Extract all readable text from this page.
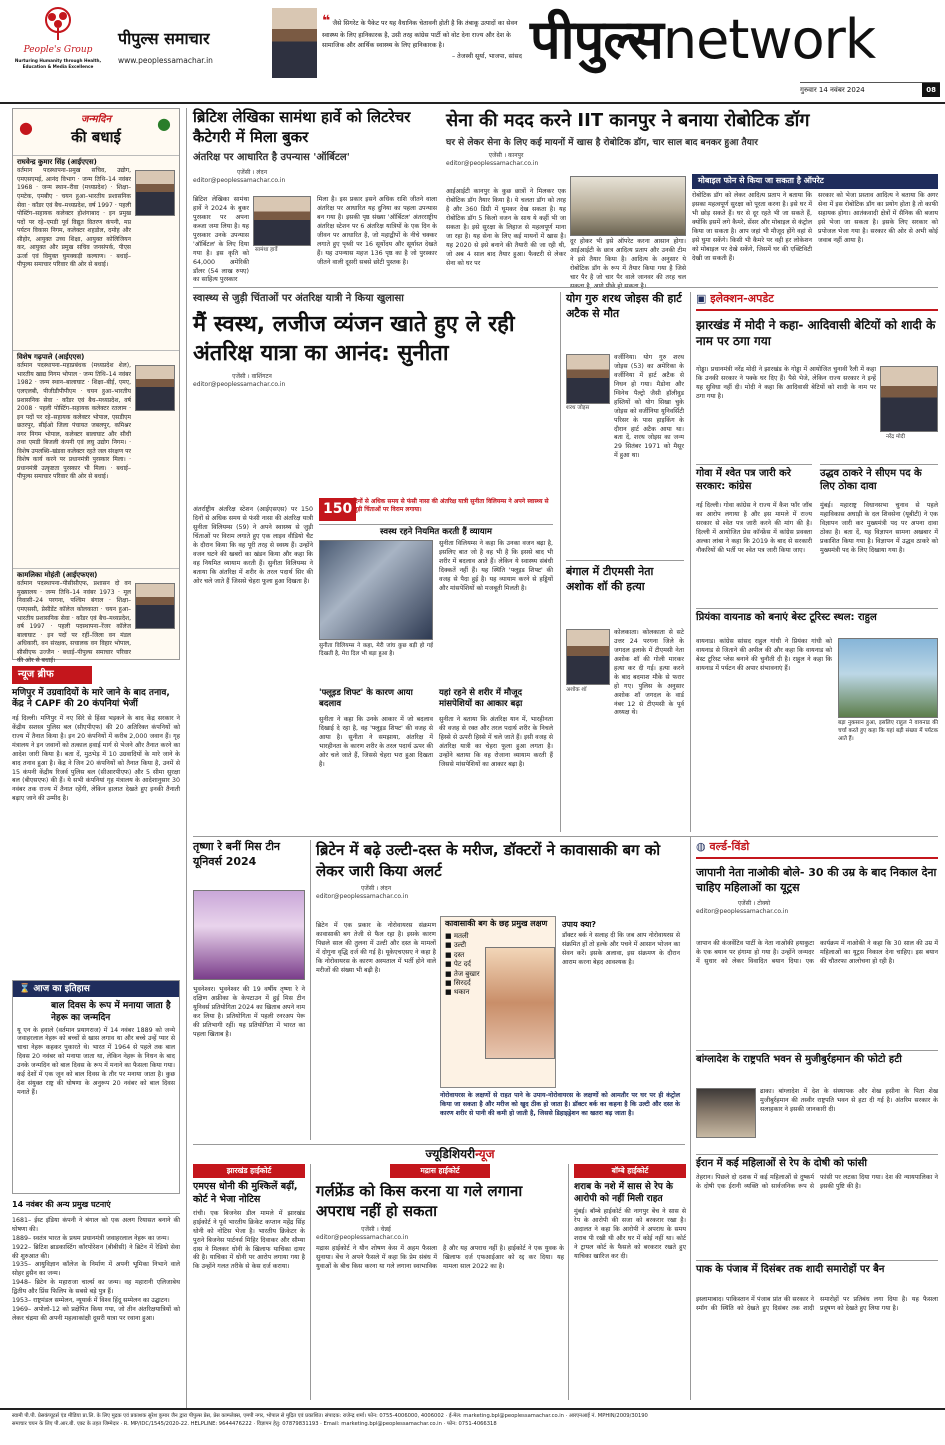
People's Group
Nurturing Humanity through Health, Education & Media Excellence
पीपुल्स समाचार
www.peoplessamachar.in
❝ जैसे सिगरेट के पैकेट पर यह वैधानिक चेतावनी होती है कि तंबाकू उत्पादों का सेवन स्वास्थ्य के लिए हानिकारक है, उसी तरह कांग्रेस पार्टी को वोट देना राज्य और देश के सामाजिक और आर्थिक स्वास्थ्य के लिए हानिकारक है।
– तेजस्वी सूर्या, भाजपा, सांसद पीपुल्सnetwork
गुरुवार 14 नवंबर 2024	08
जन्मदिन
की बधाई
●	●
राघवेन्द्र कुमार सिंह (आईएएस)
वर्तमान पदस्थापना–प्रमुख सचिव, उद्योग, एमएसएमई, आनंद विभाग · जन्म तिथि–14 नवंबर 1968 · जन्म स्थान–रीवा (मध्यप्रदेश) · शिक्षा–एमटेक, एमबीए · चयन हुआ–भारतीय प्रशासनिक सेवा · कॉडर एवं बैच–मध्यप्रदेश, वर्ष 1997 · पहली पोस्टिंग–सहायक कलेक्टर होशंगाबाद · इन प्रमुख पदों पर रहे–एमडी पूर्व विद्युत वितरण कंपनी, मप्र पर्यटन विकास निगम, कलेक्टर शहडोल, दमोह और सीहोर, आयुक्त उच्च शिक्षा, आयुक्त कोलिजियन कर, आयुक्त और प्रमुख सचिव जनसंपर्क, पीएस ऊर्जा एवं विमुक्त घुमक्कड़ी कल्याण। · बधाई–पीपुल्स समाचार परिवार की ओर से बधाई।
विशेष गढ़पाले (आईएएस)
वर्तमान पदस्थापना–महाप्रबंधक (मध्यप्रदेश शेल), भारतीय खाद्य निगम भोपाल · जन्म तिथि–14 नवंबर 1982 · जन्म स्थान–बालाघाट · शिक्षा–बीई, एमए, एलएलबी, पीजीडीपीपीएम · चयन हुआ–भारतीय प्रशासनिक सेवा · कॉडर एवं बैच–मध्यप्रदेश, वर्ष 2008 · पहली पोस्टिंग–सहायक कलेक्टर रतलाम · इन पदों पर रहे–सहायक कलेक्टर भोपाल, एसडीएम छतरपुर, सीईओ जिला पंचायत जबलपुर, कमिश्नर नगर निगम भोपाल, कलेक्टर बालाघाट और सीधी तथा एमडी बिजली कंपनी एवं लघु उद्योग निगम। · विशेष उपलब्धि–खंडवा कलेक्टर रहते जल संरक्षण पर विशेष कार्य करने पर प्रधानमंत्री पुरस्कार मिला। · प्रधानमंत्री उत्कृष्टता पुरस्कार भी मिला। · बधाई–पीपुल्स समाचार परिवार की ओर से बधाई।
कामलिका मोहंती (आईएफएस)
वर्तमान पदस्थापना–पीसीसीएफ, प्रशासन दो वन मुख्यालय · जन्म तिथि–14 नवंबर 1973 · मूल निवासी–24 परगना, पश्चिम बंगाल · शिक्षा–एमएससी, प्रेसीडेंट कॉलेज कोलकाता · चयन हुआ–भारतीय प्रशासनिक सेवा · कॉडर एवं बैच–मध्यप्रदेश, वर्ष 1997 · पहली पदस्थापना–रेंजर कॉलेज बालाघाट · इन पदों पर रहीं–जिला वन मंडल अधिकारी, वन संरक्षक, सचालक वन विहार भोपाल, सीसीएफ उज्जैन · बधाई–पीपुल्स समाचार परिवार की ओर से बधाई।
न्यूज ब्रीफ
मणिपुर में उग्रवादियों के मारे जाने के बाद तनाव, केंद्र ने CAPF की 20 कंपनियां भेजीं
नई दिल्ली। मणिपुर में नए सिरे से हिंसा भड़कने के बाद केंद्र सरकार ने केंद्रीय सशस्त्र पुलिस बल (सीएपीएफ) की 20 अतिरिक्त कंपनियों को राज्य में तैनात किया है। इन 20 कंपनियों में करीब 2,000 जवान हैं। गृह मंत्रालय ने इन जवानों को तत्काल हवाई मार्ग से भेजने और तैनात करने का आदेश जारी किया है। बता दें, मुठभेड़ में 10 उग्रवादियों के मारे जाने के बाद तनाव हुआ है। केंद्र ने जिन 20 कंपनियों को तैनात किया है, उनमें से 15 कंपनी केंद्रीय रिजर्व पुलिस बल (सीआरपीएफ) और 5 सीमा सुरक्षा बल (बीएसएफ) की हैं। ये सभी कंपनियां गृह मंत्रालय के आदेशानुसार 30 नवंबर तक राज्य में तैनात रहेंगी, लेकिन हालात देखते हुए इनकी तैनाती बढ़ाए जाने की उम्मीद है।
⌛ आज का इतिहास
बाल दिवस के रूप में मनाया जाता है नेहरू का जन्मदिन
यू एन के हवाले (वर्तमान प्रयागराज) में 14 नवंबर 1889 को जन्मे जवाहरलाल नेहरू को बच्चों से खास लगाव था और बच्चे उन्हें प्यार से चाचा नेहरू कहकर पुकारते थे। भारत में 1964 से पहले तक बाल दिवस 20 नवंबर को मनाया जाता था, लेकिन नेहरू के निधन के बाद उनके जन्मदिन को बाल दिवस के रूप में मनाने का फैसला किया गया। कई देशों में एक जून को बाल दिवस के तौर पर मनाया जाता है। कुछ देश संयुक्त राष्ट्र की घोषणा के अनुरूप 20 नवंबर को बाल दिवस मनाते हैं।
14 नवंबर की अन्य प्रमुख घटनाएं
1681– ईस्ट इंडिया कंपनी ने बंगाल को एक अलग रियासत बनाने की घोषणा की।
1889– स्वतंत्र भारत के प्रथम प्रधानमंत्री जवाहरलाल नेहरू का जन्म।
1922– ब्रिटिश ब्राडकास्टिंग कॉरपोरेशन (बीबीसी) ने ब्रिटेन में रेडियो सेवा की शुरुआत की।
1935– आयुविज्ञान कॉलेज के निर्माण में अपनी भूमिका निभाने वाले सोहर हुसैन का जन्म।
1948– ब्रिटेन के महाराजा चार्ल्स का जन्म। वह महारानी एलिजाबेथ द्वितीय और प्रिंस फिलिप के सबसे बड़े पुत्र हैं।
1953– राष्ट्रमंडल सम्मेलन, न्यूयार्क में विश्व हिंदू सम्मेलन का उद्घाटन।
1969– अपोलो-12 को प्रक्षेपित किया गया, जो तीन अंतरिक्षयात्रियों को लेकर चंद्रमा की अपनी महत्वाकांक्षी दूसरी यात्रा पर रवाना हुआ।
ब्रिटिश लेखिका सामंथा हार्वे को लिटरेचर कैटेगरी में मिला बुकर
अंतरिक्ष पर आधारित है उपन्यास 'ऑर्बिटल'
एजेंसी । लंदन
editor@peoplessamachar.co.in
सामंथा हार्वे
ब्रिटिश लेखिका सामंथा हार्वे ने 2024 के बुकर पुरस्कार पर अपना कब्जा जमा लिया है। यह पुरस्कार उनके उपन्यास 'ऑर्बिटल' के लिए दिया गया है। इस कृति को 64,000 अमेरिकी डॉलर (54 लाख रुपए) का साहित्य पुरस्कार
मिला है। इस प्रकार इसने अधिक राशि जीतने वाला अंतरिक्ष पर आधारित यह दुनिया का पहला उपन्यास बन गया है। इसकी पृष्ठ संख्या 'ऑर्बिटल' अंतरराष्ट्रीय अंतरिक्ष स्टेशन पर 6 अंतरिक्ष यात्रियों के एक दिन के जीवन पर आधारित है, जो महाद्वीपों के नीचे चक्कर लगाते हुए पृथ्वी पर 16 सूर्योदय और सूर्यास्त देखते हैं। यह उपन्यास महज 136 पृष्ठ का है जो पुरस्कार जीतने वाली दूसरी सबसे छोटी पुस्तक है।
सेना की मदद करने IIT कानपुर ने बनाया रोबोटिक डॉग
घर से लेकर सेना के लिए कई मायनों में खास है रोबोटिक डॉग, चार साल बाद बनकर हुआ तैयार
एजेंसी । कानपुर
editor@peoplessamachar.co.in
आईआईटी कानपुर के कुछ छात्रों ने मिलकर एक रोबोटिक डॉग तैयार किया है। ये चलता डॉग को तरह है और 360 डिग्री में घूमकर देख सकता है। यह रोबोटिक डॉग 5 किलो वजन के साथ ये कहीं भी जा सकता है। इसे सुरक्षा के लिहाज से महत्वपूर्ण माना जा रहा है। यह सेना के लिए कई मायनों में खास है। यह 2020 से इसे बनाने की तैयारी की जा रही थी, जो अब 4 साल बाद तैयार हुआ। फैक्टरी से लेकर सेना को घर पर
दूर होकर भी इसे ऑपरेट करना आसान होगा। आईआईटी के छात्र आदित्य प्रताप और उनकी टीम ने इसे तैयार किया है। आदित्य के अनुसार ये रोबोटिक डॉग के रूप में तैयार किया गया है जिसे चार पैर है जो चार पैर वाले जानवर की तरह चल
मोबाइल फोन से किया जा सकता है ऑपरेट
रोबोटिक डॉग को लेकर आदित्य प्रताप ने बताया कि इसका महत्वपूर्ण सुरक्षा को पूरता करना है। इसे घर में भी छोड़ सकते हैं। घर से दूर रहते भी जा सकते हैं, क्योंकि इसमें लगे कैमरे, सेंसर और मोबाइल से कंट्रोल किया जा सकता है। आप जहां भी मौजूद होंगे वहां से इसे घुमा सकेंगे। किसी भी कैमरे पर वही हर लोकेशन को मोबाइल पर देखे सकेंगे, जिसमें घर की एक्टिविटी देखी जा सकती हैं।
सरकार को भेजा प्रस्ताव आदित्य ने बताया कि अगर सेना में इस रोबोटिक डॉग का प्रयोग होता है तो काफी सहायक होगा। आतंकवादी क्षेत्रों में सैनिक की बजाय इसे भेजा जा सकता है। इसके लिए सरकार को प्रपोजल भेजा गया है। सरकार की ओर से अभी कोई जवाब नहीं आया है।
स्वास्थ्य से जुड़ी चिंताओं पर अंतरिक्ष यात्री ने किया खुलासा
मैं स्वस्थ, लजीज व्यंजन खाते हुए ले रही अंतरिक्ष यात्रा का आनंद: सुनीता
एजेंसी । वाशिंगटन
editor@peoplessamachar.co.in
अंतर्राष्ट्रीय अंतरिक्ष स्टेशन (आईएसएस) पर 150 दिनों से अधिक समय से फंसी नासा की अंतरिक्ष यात्री सुनीता विलियम्स (59) ने अपने स्वास्थ्य से जुड़ी चिंताओं पर विराम लगाते हुए एक लाइव वीडियो चैट के दौरान किया कि वह पूरी तरह से स्वस्थ हैं। उन्होंने वजन घटने की खबरों का खंडन किया और कहा कि वह नियमित व्यायाम करती हैं। सुनीता विलियम्स ने बताया कि अंतरिक्ष में शरीर के तरल पदार्थ सिर की ओर चले जाते हैं जिससे चेहरा फूला हुआ दिखता है।
150 दिनों से अधिक समय से फंसी नासा की अंतरिक्ष यात्री सुनीता विलियम्स ने अपने स्वास्थ्य से जुड़ी चिंताओं पर विराम लगाया।
स्वस्थ रहने नियमित करती हैं व्यायाम
सुनीता विलियम्स ने कहा, मेरी जांघ कुछ बड़ी हो गई दिखती है, मेरा दिल भी बड़ा हुआ है।
सुनीता विलियम्स ने कहा कि उनका वजन बढ़ा है, इसलिए बात जो है वह भी है कि इससे बाद भी शरीर में बदलाव आते हैं। लेकिन ये स्वास्थ्य संबंधी दिक्कतें नहीं हैं। यह स्थिति 'फ्लूइड शिफ्ट' की वजह से पैदा हुई है। यह व्यायाम करने से हड्डियों और मांसपेशियों को मजबूती मिलती है।
'फ्लूइड शिफ्ट' के कारण आया बदलाव
सुनीता ने कहा कि उनके आकार में जो बदलाव दिखाई दे रहा है, वह 'फ्लूइड शिफ्ट' की वजह से आया है। सुनीता ने समझाया, अंतरिक्ष में भारहीनता के कारण शरीर के तरल पदार्थ ऊपर की ओर चले जाते हैं, जिससे चेहरा भरा हुआ दिखता है।
यहां रहने से शरीर में मौजूद मांसपेशियों का आकार बढ़ा
सुनीता ने बताया कि अंतरिक्ष यान में, भारहीनता की वजह से रक्त और तरल पदार्थ शरीर के निचले हिस्से से ऊपरी हिस्से में चले जाते हैं। इसी वजह से अंतरिक्ष यात्री का चेहरा फूला हुआ लगता है। उन्होंने बताया कि वह रोजाना व्यायाम करती हैं जिससे मांसपेशियों का आकार बढ़ा है।
योग गुरु शरथ जोइस की हार्ट अटैक से मौत
शरथ जोइस
वर्जीनिया। योग गुरु शरथ जोइस (53) का अमेरिका के वर्जीनिया में हार्ट अटैक से निधन हो गया। मैडोना और ग्विनेथ पैल्ट्रो जैसी हॉलीवुड हस्तियों को योग सिखा चुके जोइस को वर्जीनिया यूनिवर्सिटी परिसर के पास हाइकिंग के दौरान हार्ट अटैक आया था। बता दें, शरथ जोइस का जन्म 29 सितंबर 1971 को मैसूर में हुआ था।
बंगाल में टीएमसी नेता अशोक शॉ की हत्या
अशोक शॉ
कोलकाता। कोलकाता से सटे उत्तर 24 परगना जिले के जगदल इलाके में टीएमसी नेता अशोक शॉ की गोली मारकर हत्या कर दी गई। हत्या करने के बाद बदमाश मौके से फरार हो गए। पुलिस के अनुसार अशोक शॉ जगदल के वार्ड नंबर 12 से टीएमसी के पूर्व अध्यक्ष थे।
▣ इलेक्शन-अपडेट
झारखंड में मोदी ने कहा- आदिवासी बेटियों को शादी के नाम पर ठगा गया
गोड्डा। प्रधानमंत्री नरेंद्र मोदी ने झारखंड के गोड्डा में आयोजित चुनावी रैली में कहा कि उनकी सरकार ने पक्के घर दिए हैं। पैसे भेजे, लेकिन राज्य सरकार ने इन्हें यह सुविधा नहीं दी। मोदी ने कहा कि आदिवासी बेटियों को शादी के नाम पर ठगा गया है।
नरेंद्र मोदी
गोवा में श्वेत पत्र जारी करे सरकार: कांग्रेस
नई दिल्ली। गोवा कांग्रेस ने राज्य में कैश फॉर जॉब का आरोप लगाया है और इस मामले में राज्य सरकार से श्वेत पत्र जारी करने की मांग की है। दिल्ली में आयोजित प्रेस कॉन्फ्रेंस में कांग्रेस प्रवक्ता अल्का लांबा ने कहा कि 2019 के बाद से सरकारी नौकरियों की भर्ती पर श्वेत पत्र जारी किया जाए।
उद्धव ठाकरे ने सीएम पद के लिए ठोका दावा
मुंबई। महाराष्ट्र विधानसभा चुनाव से पहले महाविकास अघाड़ी के दल शिवसेना (यूबीटी) ने एक विज्ञापन जारी कर मुख्यमंत्री पद पर अपना दावा ठोका है। बता दें, यह विज्ञापन सामना अखबार में प्रकाशित किया गया है। विज्ञापन में उद्धव ठाकरे को मुख्यमंत्री पद के लिए दिखाया गया है।
प्रियंका वायनाड को बनाएं बेस्ट टूरिस्ट स्थल: राहुल
वायनाड। कांग्रेस सांसद राहुल गांधी ने प्रियंका गांधी को वायनाड से जिताने की अपील की और कहा कि वायनाड को बेस्ट टूरिस्ट प्लेस बनाने की चुनौती दी है। राहुल ने कहा कि वायनाड में पर्यटन की अपार संभावनाएं हैं।
बड़ा नुकसान हुआ, इसलिए राहुल ने वायनाड की चर्चा करते हुए कहा कि यहां बड़ी संख्या में पर्यटक आते हैं।
तृष्णा रे बनीं मिस टीन यूनिवर्स 2024
भुवनेश्वर। भुवनेश्वर की 19 वर्षीय तृष्णा रे ने दक्षिण अफ्रीका के केपटाउन में हुई मिस टीन यूनिवर्स प्रतियोगिता 2024 का खिताब अपने नाम कर लिया है। प्रतियोगिता में पहली रनरअप पेरू की प्रतिभागी रहीं। यह प्रतियोगिता में भारत का पहला खिताब है।
ब्रिटेन में बढ़े उल्टी-दस्त के मरीज, डॉक्टरों ने कावासाकी बग को लेकर जारी किया अलर्ट
एजेंसी । लंदन
editor@peoplessamachar.co.in
ब्रिटेन में एक प्रकार के नोरोवायरस संक्रमण कावासाकी बग तेजी से फैल रहा है। इसके कारण पिछले साल की तुलना में उल्टी और दस्त के मामलों में दोगुना वृद्धि दर्ज की गई है। यूकेएचएसए ने कहा है कि नोरोवायरस के कारण अस्पताल में भर्ती होने वाले मरीजों की संख्या भी बढ़ी है।
कावासाकी बग के छह प्रमुख लक्षण
■ मतली
■ उल्टी
■ दस्त
■ पेट दर्द
■ तेज बुखार
■ सिरदर्द
■ थकान
उपाय क्या?
डॉक्टर बर्क ने सलाह दी कि जब आप नोरोवायरस से संक्रमित हों तो हल्के और पचने में आसान भोजन का सेवन करें। इसके अलावा, इस संक्रमण के दौरान आराम करना बेहद आवश्यक है।
नोरोवायरस के लक्षणों से राहत पाने के उपाय-नोरोवायरस के लक्षणों को आमतौर पर घर पर ही कंट्रोल किया जा सकता है और मरीज को खुद ठीक हो जाता है। डॉक्टर बर्क का कहना है कि उल्टी और दस्त के कारण शरीर से पानी की कमी हो जाती है, जिससे डिहाइड्रेशन का खतरा बढ़ जाता है।
◍ वर्ल्ड-विंडो
जापानी नेता नाओकी बोले- 30 की उम्र के बाद निकाल देना चाहिए महिलाओं का यूट्रस
एजेंसी । टोक्यो
editor@peoplessamachar.co.in
जापान की कंजर्वेटिव पार्टी के नेता नाओकी हयाकुटा के एक बयान पर हंगामा हो गया है। उन्होंने जन्मदर में सुधार को लेकर विवादित बयान दिया। एक कार्यक्रम में नाओकी ने कहा कि 30 साल की उम्र में महिलाओं का यूट्रस निकाल देना चाहिए। इस बयान की चौतरफा आलोचना हो रही है।
बांग्लादेश के राष्ट्रपति भवन से मुजीबुर्रहमान की फोटो हटी
ढाका। बांग्लादेश में देश के संस्थापक और शेख हसीना के पिता शेख मुजीबुर्रहमान की तस्वीर राष्ट्रपति भवन से हटा दी गई है। अंतरिम सरकार के सलाहकार ने इसकी जानकारी दी।
ईरान में कई महिलाओं से रेप के दोषी को फांसी
तेहरान। पिछले दो दशक में कई महिलाओं से दुष्कर्म के दोषी एक ईरानी व्यक्ति को सार्वजनिक रूप से फांसी पर लटका दिया गया। देश की न्यायपालिका ने इसकी पुष्टि की है।
पाक के पंजाब में दिसंबर तक शादी समारोहों पर बैन
इस्लामाबाद। पाकिस्तान में पंजाब प्रांत की सरकार ने स्मॉग की स्थिति को देखते हुए दिसंबर तक शादी समारोहों पर प्रतिबंध लगा दिया है। यह फैसला प्रदूषण को देखते हुए लिया गया है।
ज्यूडिशियरीन्यूज
झारखंड हाईकोर्ट
एमएस धोनी की मुश्किलें बढ़ीं, कोर्ट ने भेजा नोटिस
रांची। एक बिजनेस डील मामले में झारखंड हाईकोर्ट ने पूर्व भारतीय क्रिकेट कप्तान महेंद्र सिंह धोनी को नोटिस भेजा है। भारतीय क्रिकेटर के पुराने बिजनेस पार्टनर्स मिहिर दिवाकर और सौम्या दास ने मिलकर धोनी के खिलाफ याचिका दायर की है। याचिका में धोनी पर आरोप लगाया गया है कि उन्होंने गलत तरीके से केस दर्ज कराया।
मद्रास हाईकोर्ट
गर्लफ्रेंड को किस करना या गले लगाना अपराध नहीं हो सकता
एजेंसी । चेन्नई
editor@peoplessamachar.co.in
मद्रास हाईकोर्ट ने यौन शोषण केस में अहम फैसला सुनाया। बेंच ने अपने फैसले में कहा कि प्रेम संबंध में युवाओं के बीच किस करना या गले लगाना स्वाभाविक है और यह अपराध नहीं है। हाईकोर्ट ने एक युवक के खिलाफ दर्ज एफआईआर को रद्द कर दिया। यह मामला साल 2022 का है।
बॉम्बे हाईकोर्ट
शराब के नशे में सास से रेप के आरोपी को नहीं मिली राहत
मुंबई। बॉम्बे हाईकोर्ट की नागपुर बेंच ने सास से रेप के आरोपी की सजा को बरकरार रखा है। अदालत ने कहा कि आरोपी ने अपराध के समय शराब पी रखी थी और घर में कोई नहीं था। कोर्ट ने ट्रायल कोर्ट के फैसले को बरकरार रखते हुए याचिका खारिज कर दी।
स्वामी पी.पी. प्रेसकंप्यूटर्स एंड मीडिया प्रा.लि. के लिए मुद्रक एवं प्रकाशक सुरेश कुमार जैन द्वारा पीपुल्स प्रेस, प्रेस काम्प्लेक्स, एमपी नगर, भोपाल से मुद्रित एवं प्रकाशित। संपादक: राजेन्द्र शर्मा। फोन: 0755-4006000, 4006002 · ई-मेल: marketing.bpl@peoplessamachar.co.in · आरएनआई नं. MPHIN/2009/30190
समाचार चयन के लिए पी.आर.बी. एक्ट के तहत जिम्मेदार · R. MP/IDC/1545/2020-22. HELPLINE: 9644476222 · विज्ञापन हेतु: 07879831193 · Email: marketing.bpl@peoplessamachar.co.in · फोन: 0751-4066318
